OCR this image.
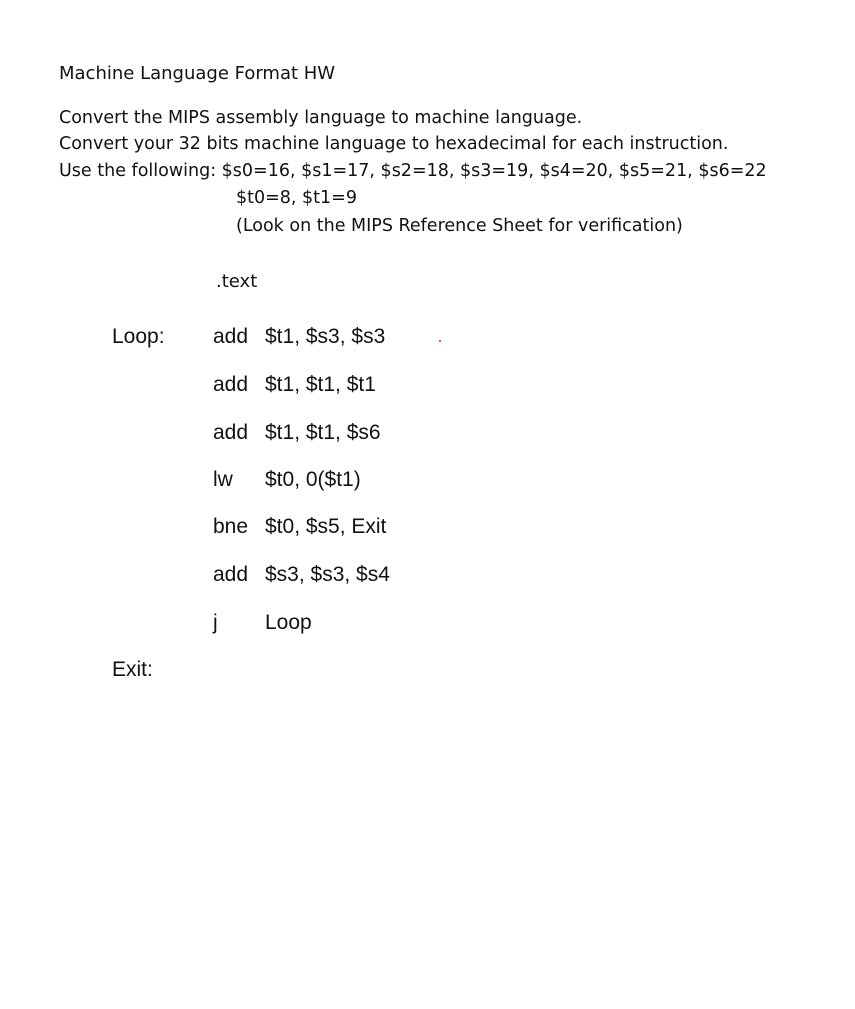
Machine Language Format HW
Convert the MIPS assembly language to machine language.
Convert your 32 bits machine language to hexadecimal for each instruction.
Use the following: $s0=16, $s1=17, $s2=18, $s3=19, $s4=20, $s5=21, $s6=22
$t0=8, $t1=9
(Look on the MIPS Reference Sheet for verification)
.text
Loop: add $t1, $s3, $s3
add $t1, $t1, $t1
add $t1, $t1, $s6
lw $t0, 0($t1)
bne $t0, $s5, Exit
add $s3, $s3, $s4
j Loop
Exit:
